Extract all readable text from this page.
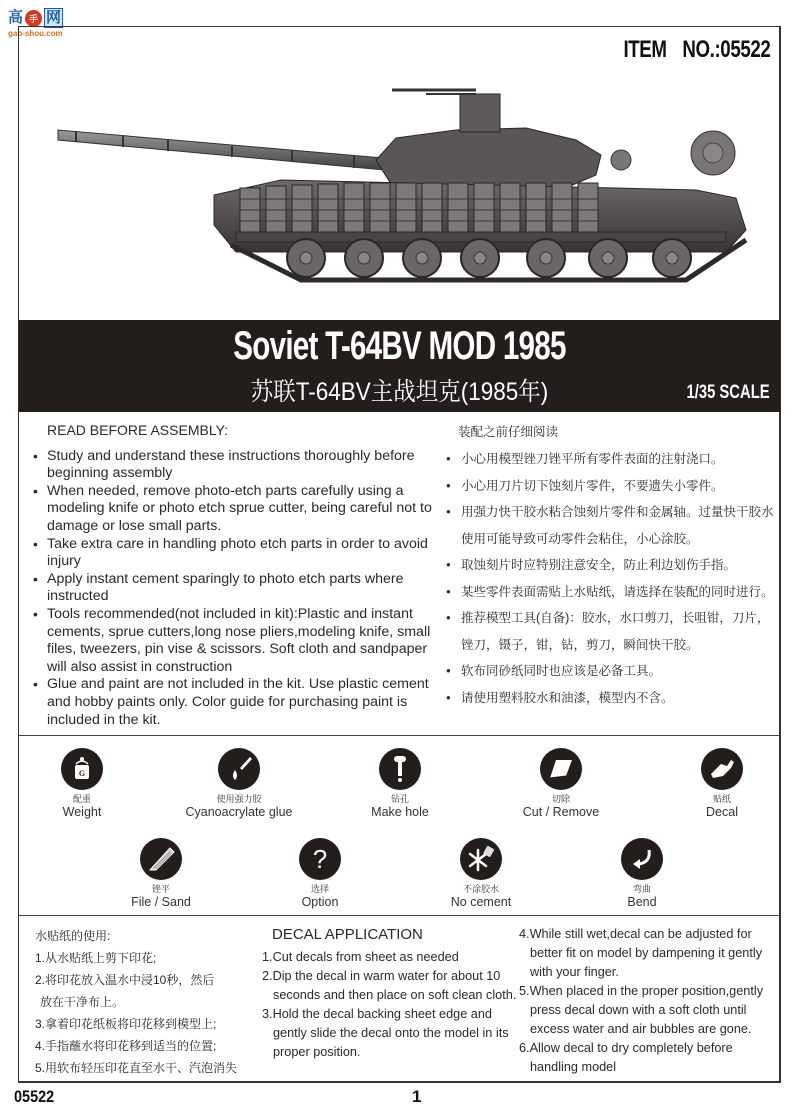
高 手 网
gao-shou.com
ITEM NO.:05522
Soviet T-64BV MOD 1985
苏联T-64BV主战坦克(1985年)	1/35 SCALE
READ BEFORE ASSEMBLY:
• Study and understand these instructions thoroughly before beginning assembly
• When needed, remove photo-etch parts carefully using a modeling knife or photo etch sprue cutter, being careful not to damage or lose small parts.
• Take extra care in handling photo etch parts in order to avoid injury
• Apply instant cement sparingly to photo etch parts where instructed
• Tools recommended(not included in kit):Plastic and instant cements, sprue cutters,long nose pliers,modeling knife, small files, tweezers, pin vise & scissors. Soft cloth and sandpaper will also assist in construction
• Glue and paint are not included in the kit. Use plastic cement and hobby paints only. Color guide for purchasing paint is included in the kit.
装配之前仔细阅读
● 小心用模型锉刀锉平所有零件表面的注射浇口。
● 小心用刀片切下蚀刻片零件，不要遗失小零件。
● 用强力快干胶水粘合蚀刻片零件和金属轴。过量快干胶水使用可能导致可动零件会粘住，小心涂胶。
● 取蚀刻片时应特别注意安全，防止利边划伤手指。
● 某些零件表面需贴上水贴纸，请选择在装配的同时进行。
● 推荐模型工具(自备)：胶水，水口剪刀，长咀钳，刀片，锉刀，镊子，钳，钻，剪刀，瞬间快干胶。
● 软布同砂纸同时也应该是必备工具。
● 请使用塑料胶水和油漆，模型内不含。
G
配重
Weight
使用强力胶
Cyanoacrylate glue
钻孔
Make hole
切除
Cut / Remove
贴纸
Decal
锉平
File / Sand
?
选择
Option
不涂胶水
No cement
弯曲
Bend
水贴纸的使用:
1.从水贴纸上剪下印花;
2.将印花放入温水中浸10秒，然后
放在干净布上。
3.拿着印花纸板将印花移到模型上;
4.手指蘸水将印花移到适当的位置;
5.用软布轻压印花直至水干、汽泡消失
DECAL APPLICATION
1.Cut decals from sheet as needed
2.Dip the decal in warm water for about 10 seconds and then place on soft clean cloth.
3.Hold the decal backing sheet edge and gently slide the decal onto the model in its proper position.
4.While still wet,decal can be adjusted for better fit on model by dampening it gently with your finger.
5.When placed in the proper position,gently press decal down with a soft cloth until excess water and air bubbles are gone.
6.Allow decal to dry completely before handling model
05522	1
